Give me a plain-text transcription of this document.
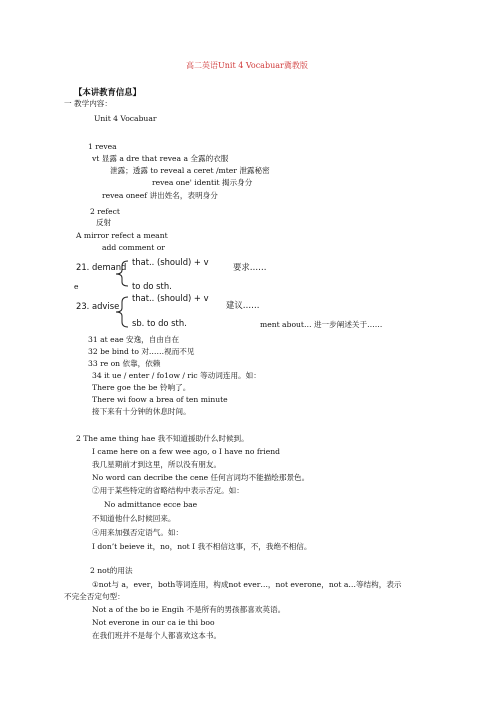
高二英语Unit 4 Vocabuar冀教版
【本讲教育信息】
一 教学内容：
Unit 4 Vocabuar
1 revea
vt 显露 a dre that revea a 全露的衣服
泄露；透露 to reveal a ceret /mter 泄露秘密
revea one' identit 揭示身分
revea oneef 讲出姓名，表明身分
2 refect
反射
A mirror refect a meant
add comment or
e
21. demand that.. (should) + v
to do sth.
要求……
23. advise
that.. (should) + v
sb. to do sth.
建议……
ment about… 进一步阐述关于……
31 at eae 安逸，自由自在
32 be bind to 对……视而不见
33 re on 依靠，依赖
34 it ue / enter / fo1ow / ric 等动词连用。如：
There goe the be 铃响了。
There wi foow a brea of ten minute
接下来有十分钟的休息时间。
2 The ame thing hae 我不知道援助什么时候到。
I came here on a few wee ago, o I have no friend
我几星期前才到这里，所以没有朋友。
No word can decribe the cene 任何言词均不能描绘那景色。
②用于某些特定的省略结构中表示否定。如：
No admittance ecce bae
不知道他什么时候回来。
④用来加强否定语气。如：
I don’t beieve it，no，not I 我不相信这事，不，我绝不相信。
2 not的用法
①not与 a，ever，both等词连用，构成not ever…，not everone，not a…等结构，表示
不完全否定句型：
Not a of the bo ie Engih 不是所有的男孩都喜欢英语。
Not everone in our ca ie thi boo
在我们班并不是每个人都喜欢这本书。
